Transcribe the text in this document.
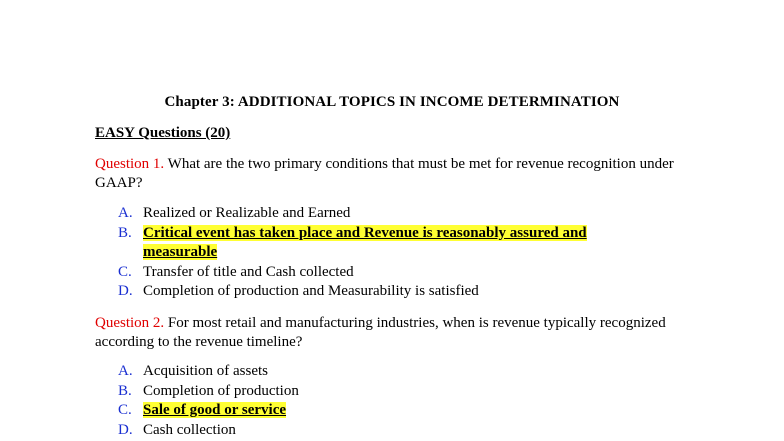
Chapter 3: ADDITIONAL TOPICS IN INCOME DETERMINATION
EASY Questions (20)
Question 1. What are the two primary conditions that must be met for revenue recognition under GAAP?
A. Realized or Realizable and Earned
B. Critical event has taken place and Revenue is reasonably assured and measurable
C. Transfer of title and Cash collected
D. Completion of production and Measurability is satisfied
Question 2. For most retail and manufacturing industries, when is revenue typically recognized according to the revenue timeline?
A. Acquisition of assets
B. Completion of production
C. Sale of good or service
D. Cash collection
